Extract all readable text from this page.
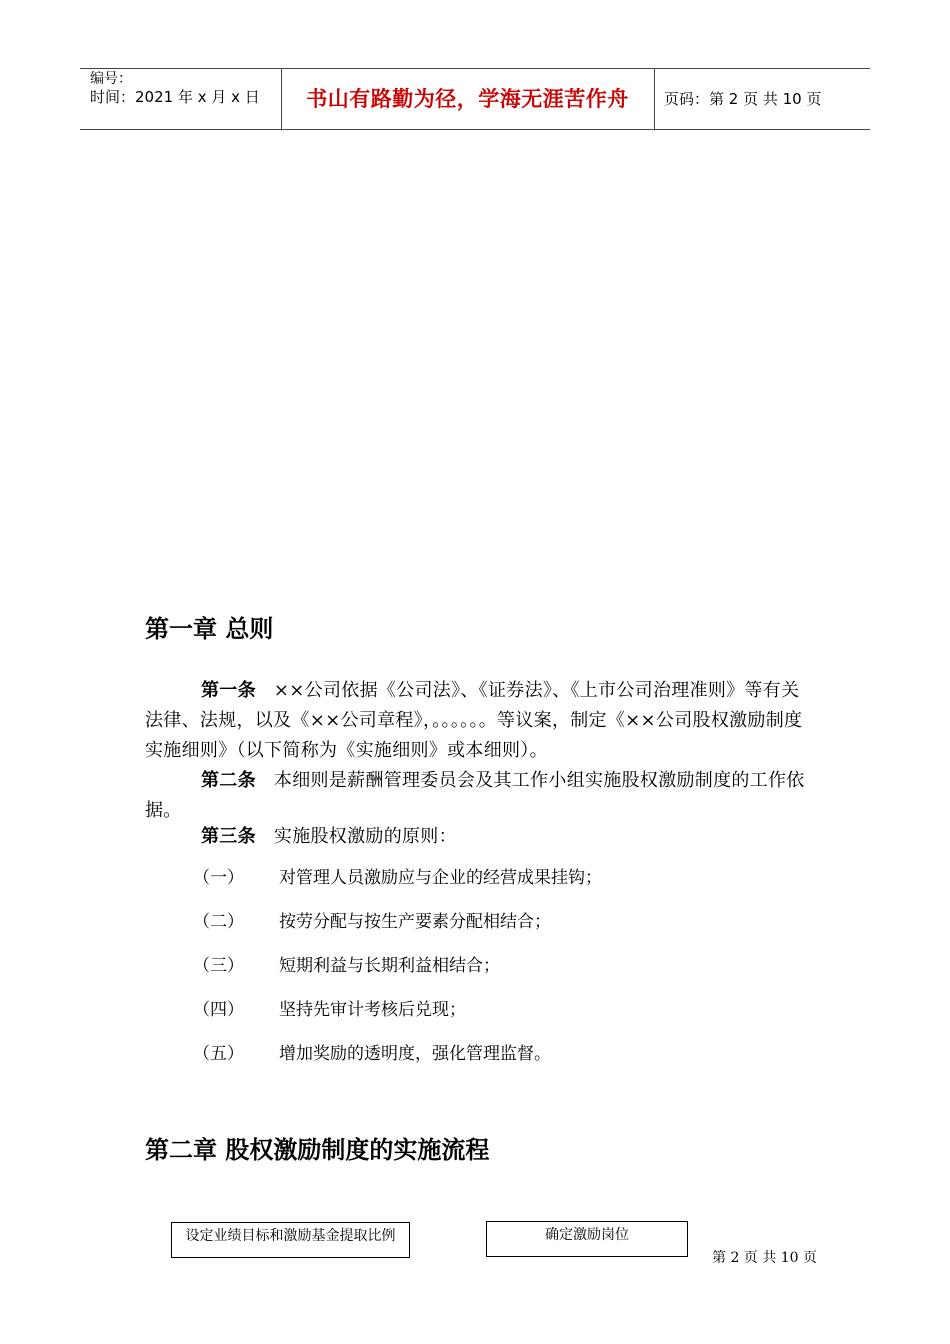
编号：
时间：2021 年 x 月 x 日	书山有路勤为径，学海无涯苦作舟	页码：第 2 页 共 10 页
第一章 总则

第一条 ××公司依据《公司法》、《证券法》、《上市公司治理准则》等有关法律、法规，以及《××公司章程》，。。。。。。等议案，制定《××公司股权激励制度实施细则》（以下简称为《实施细则》或本细则）。

第二条 本细则是薪酬管理委员会及其工作小组实施股权激励制度的工作依据。

第三条 实施股权激励的原则：

（一） 对管理人员激励应与企业的经营成果挂钩；
（二） 按劳分配与按生产要素分配相结合；
（三） 短期利益与长期利益相结合；
（四） 坚持先审计考核后兑现；
（五） 增加奖励的透明度，强化管理监督。
第二章 股权激励制度的实施流程
设定业绩目标和激励基金提取比例	确定激励岗位
第 2 页 共 10 页
